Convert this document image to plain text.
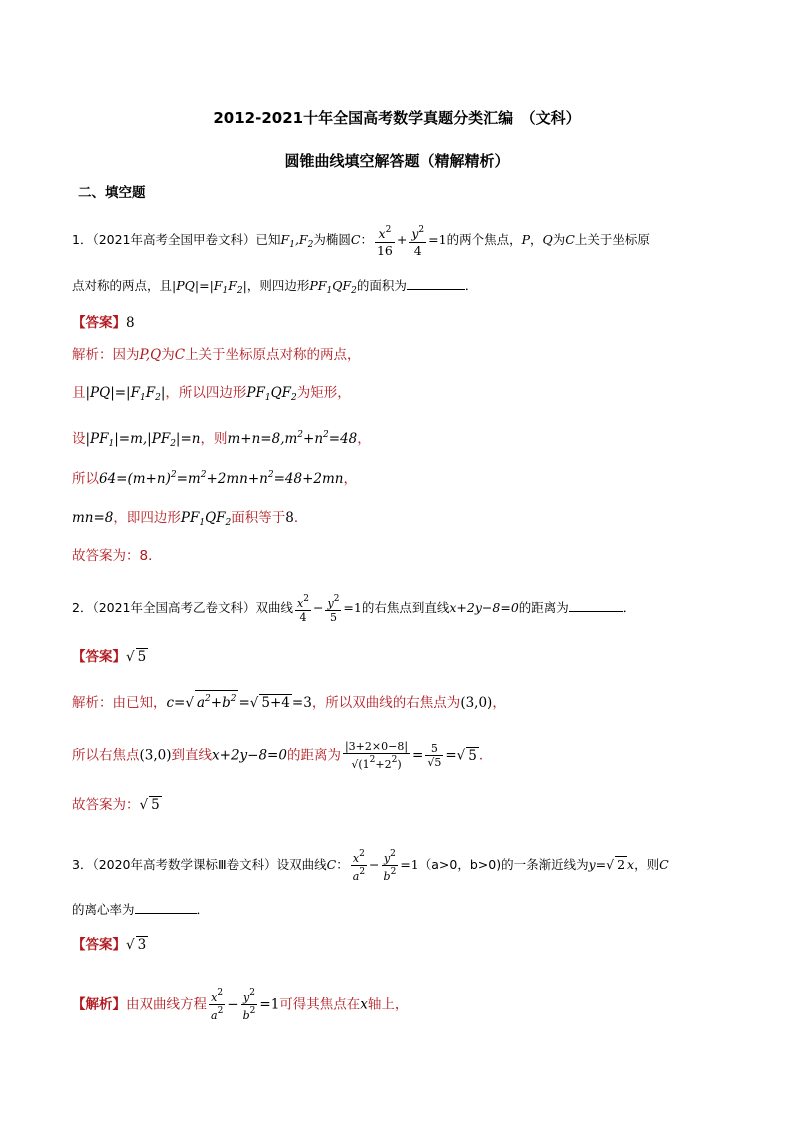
2012-2021十年全国高考数学真题分类汇编　（文科）
圆锥曲线填空解答题（精解精析）
二、填空题
1．（2021年高考全国甲卷文科）已知$F_1,F_2$为椭圆C： $\frac{x^2}{16} + \frac{y^2}{4} =1$的两个焦点，P，Q为C上关于坐标原
点对称的两点，且$|PQ|=|F_1F_2|$，则四边形$PF_1QF_2$的面积为	．
【答案】8
解析：因为P,Q为C上关于坐标原点对称的两点，
且$|PQ|=|F_1F_2|$，所以四边形$PF_1QF_2$为矩形，
设$|PF_1|=m,|PF_2|=n$，则$m+n=8,m^2+n^2=48$，
所以$64=(m+n)^2=m^2+2mn+n^2=48+2mn$，
mn=8，即四边形$PF_1QF_2$面积等于8．
故答案为：8．
2．（2021年全国高考乙卷文科）双曲线 $\frac{x^2}{4} - \frac{y^2}{5} =1$的右焦点到直线x+2y−8=0的距离为	．
【答案】√ 5
解析：由已知，c=√ $a^2+b^2$ =√ 5+4 =3，所以双曲线的右焦点为(3,0)，
所以右焦点(3,0)到直线x+2y−8=0的距离为 $\frac{|3+2\times 0-8|}{√(1^2+2^2)} = \frac{5}{√5}$ =√ 5 ．
故答案为：√ 5
3．（2020年高考数学课标Ⅲ卷文科）设双曲线C： $\frac{x^2}{a^2} - \frac{y^2}{b^2} =1(a>0$，b>0)的一条渐近线为y=√ 2 x，则C
的离心率为	．
【答案】√ 3
【解析】由双曲线方程 $\frac{x^2}{a^2} - \frac{y^2}{b^2} =1$可得其焦点在x轴上，
